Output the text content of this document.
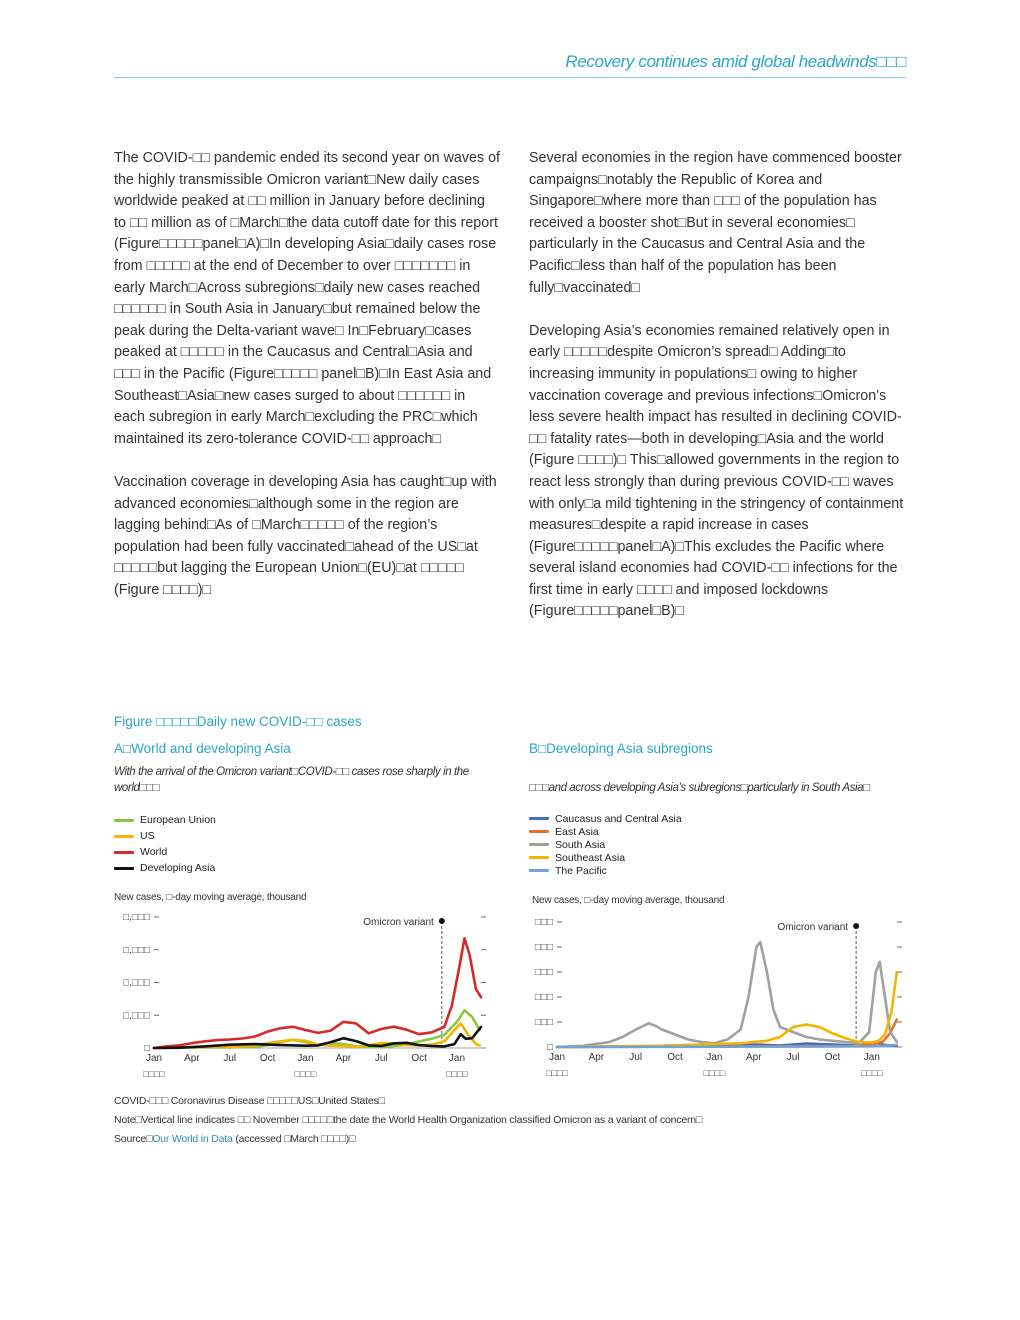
Recovery continues amid global headwinds□□□

The COVID-□□ pandemic ended its second year on waves of the highly transmissible Omicron variant□New daily cases worldwide peaked at □□ million in January before declining to □□ million as of □March□the data cutoff date for this report (Figure□□□□□panel□A)□In developing Asia□daily cases rose from □□□□□ at the end of December to over □□□□□□□ in early March□Across subregions□daily new cases reached □□□□□□ in South Asia in January□but remained below the peak during the Delta-variant wave□ In□February□cases peaked at □□□□□ in the Caucasus and Central□Asia and □□□ in the Pacific (Figure□□□□□ panel□B)□In East Asia and Southeast□Asia□new cases surged to about □□□□□□ in each subregion in early March□excluding the PRC□which maintained its zero-tolerance COVID-□□ approach□

Vaccination coverage in developing Asia has caught□up with advanced economies□although some in the region are lagging behind□As of □March□□□□□ of the region’s population had been fully vaccinated□ahead of the US□at □□□□□but lagging the European Union□(EU)□at □□□□□ (Figure □□□□)□

Several economies in the region have commenced booster campaigns□notably the Republic of Korea and Singapore□where more than □□□ of the population has received a booster shot□But in several economies□ particularly in the Caucasus and Central Asia and the Pacific□less than half of the population has been fully□vaccinated□

Developing Asia’s economies remained relatively open in early □□□□□despite Omicron’s spread□ Adding□to increasing immunity in populations□ owing to higher vaccination coverage and previous infections□Omicron’s less severe health impact has resulted in declining COVID-□□ fatality rates—both in developing□Asia and the world (Figure □□□□)□ This□allowed governments in the region to react less strongly than during previous COVID-□□ waves with only□a mild tightening in the stringency of containment measures□despite a rapid increase in cases (Figure□□□□□panel□A)□This excludes the Pacific where several island economies had COVID-□□ infections for the first time in early □□□□ and imposed lockdowns (Figure□□□□□panel□B)□

Figure □□□□□Daily new COVID-□□ cases
A□World and developing Asia
With the arrival of the Omicron variant□COVID-□□ cases rose sharply in the world□□□
European Union
US
World
Developing Asia
New cases, □-day moving average, thousand
□,□□□
□,□□□
□,□□□
□,□□□
□
Jan Apr Jul Oct Jan Apr Jul Oct Jan
□□□□	□□□□	□□□□
Omicron variant
B□Developing Asia subregions
□□□and across developing Asia’s subregions□particularly in South Asia□
Caucasus and Central Asia
East Asia
South Asia
Southeast Asia
The Pacific
New cases, □-day moving average, thousand
□□□
□□□
□□□
□□□
□□□
□
Jan Apr	Jul	Oct Jan Apr	Jul	Oct Jan
□□□□	□□□□	□□□□
Omicron variant
COVID-□□□ Coronavirus Disease □□□□□US□United States□
Note□Vertical line indicates □□ November □□□□□the date the World Health Organization classified Omicron as a variant of concern□
Source□Our World in Data (accessed □March □□□□)□
